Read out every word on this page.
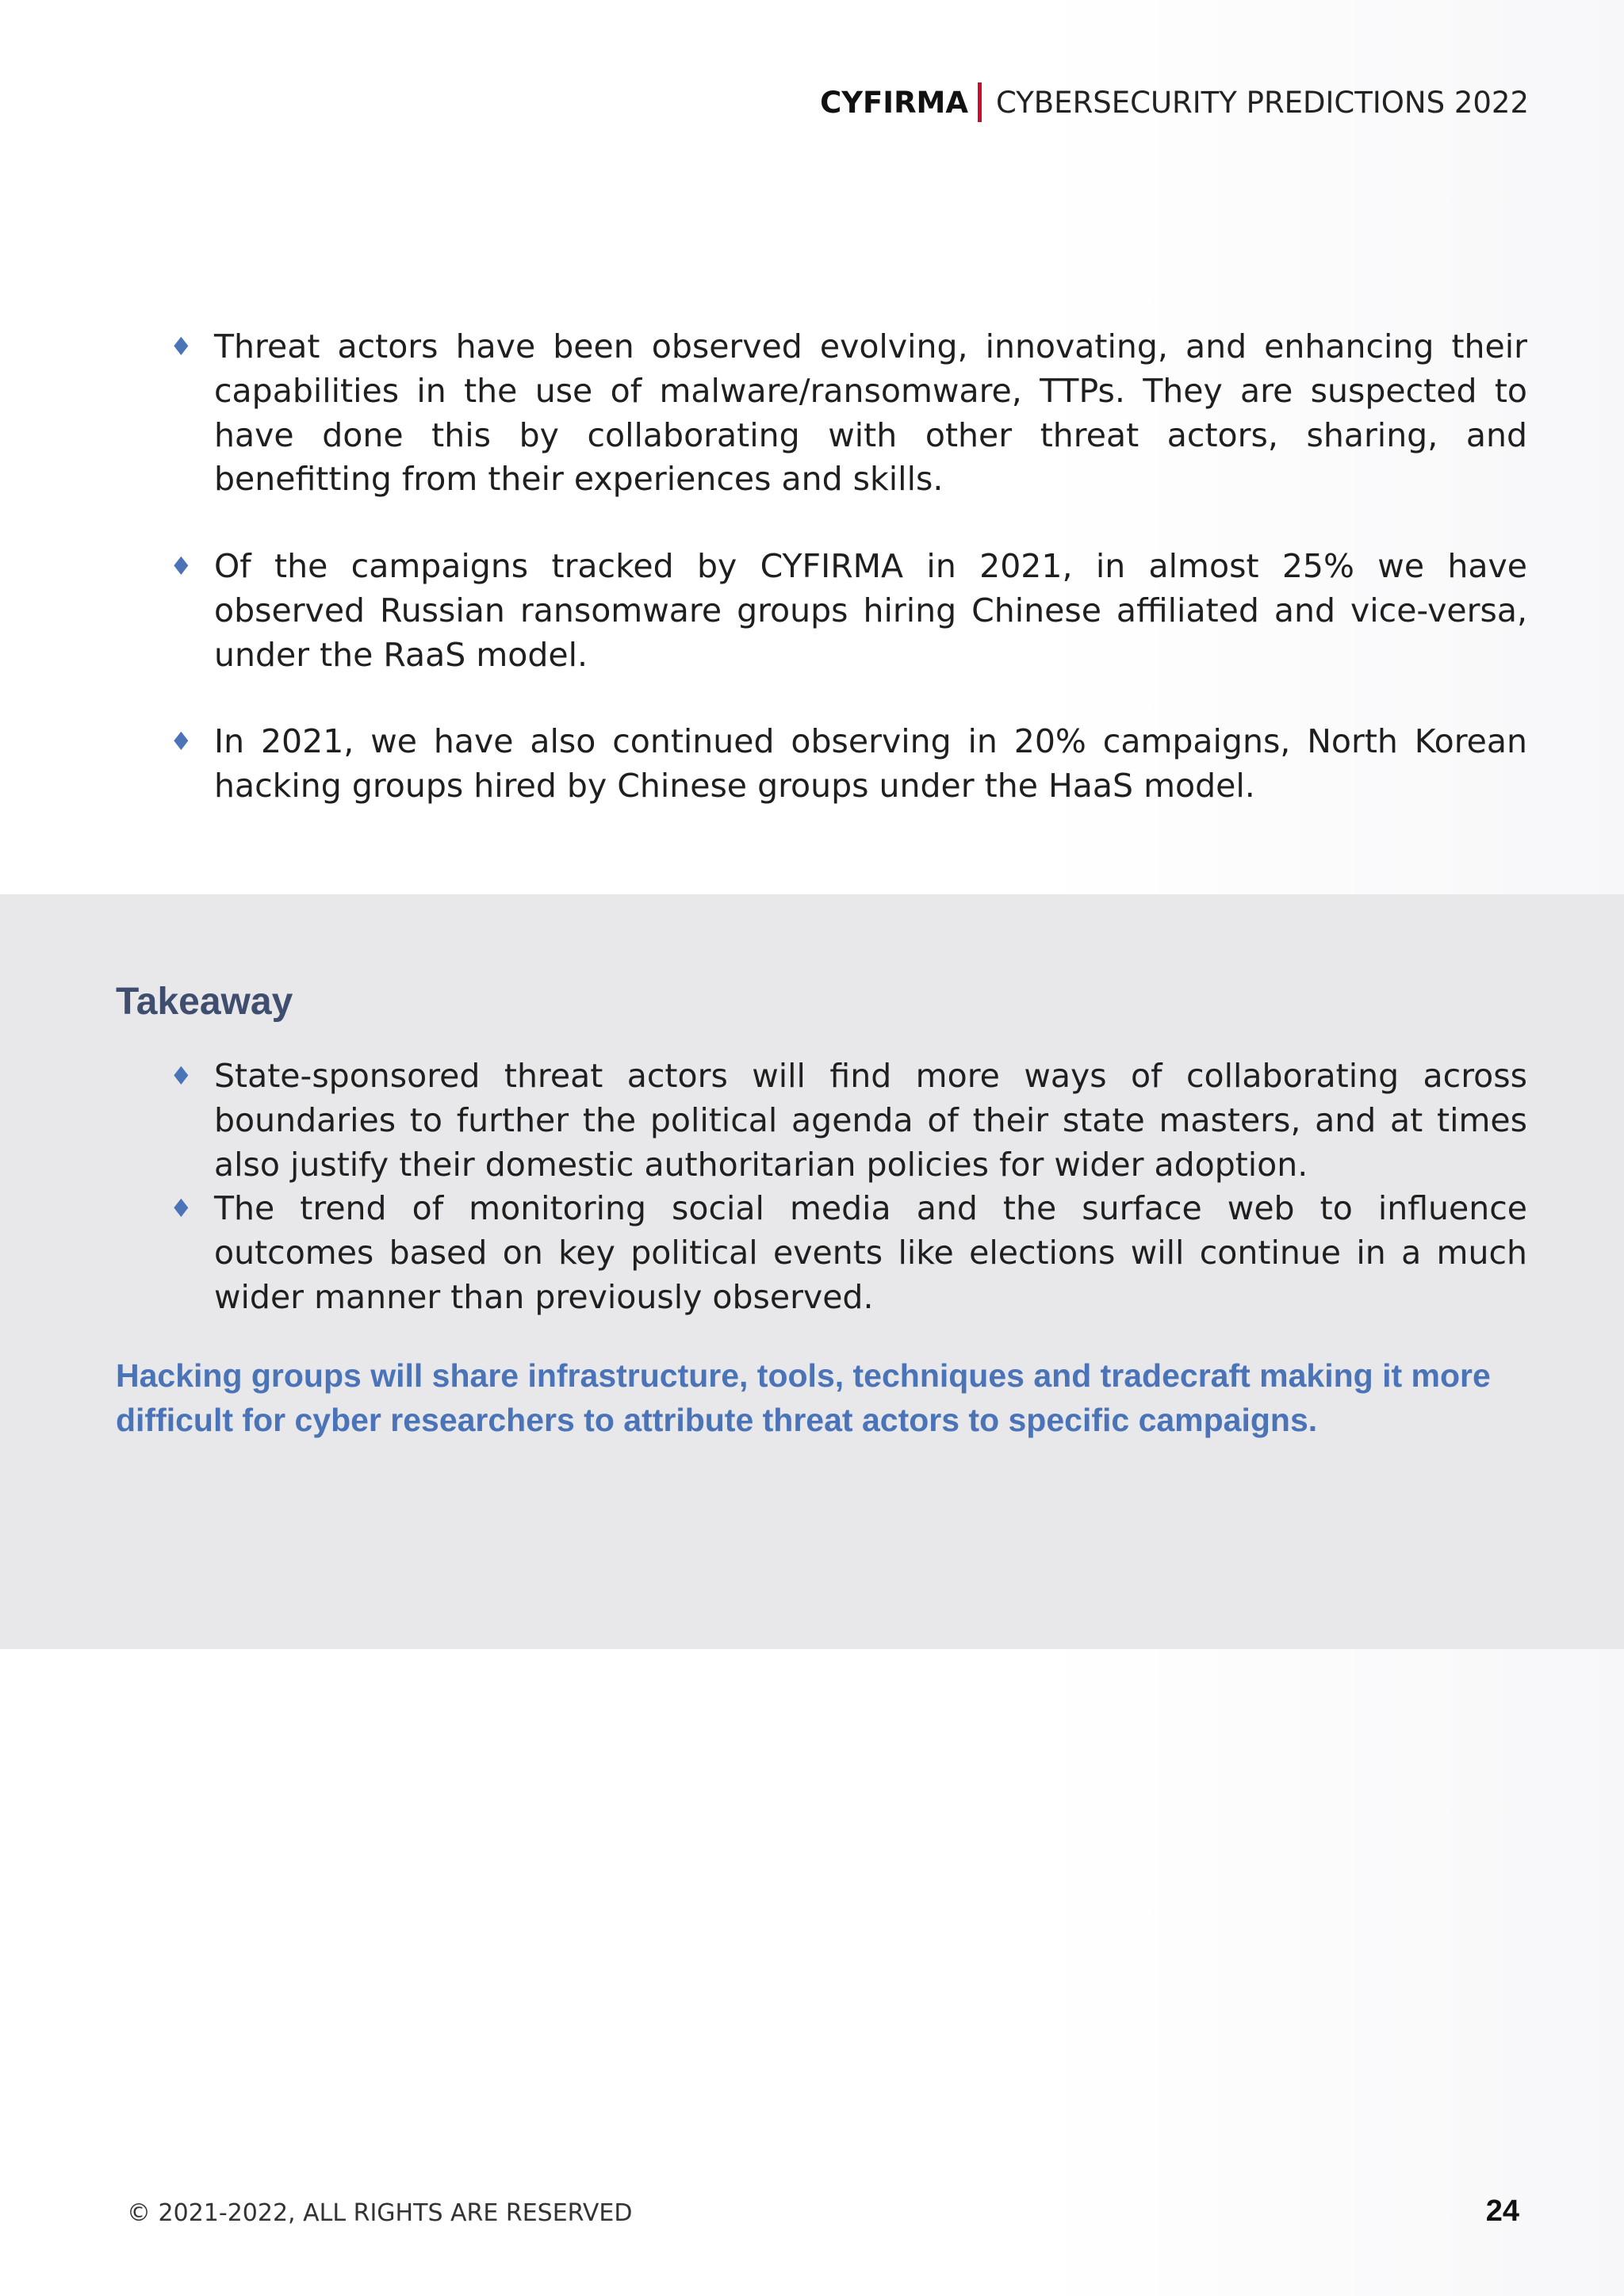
CYFIRMA CYBERSECURITY PREDICTIONS 2022
♦ Threat actors have been observed evolving, innovating, and enhancing their capabilities in the use of malware/ransomware, TTPs. They are suspected to have done this by collaborating with other threat actors, sharing, and benefitting from their experiences and skills.
♦ Of the campaigns tracked by CYFIRMA in 2021, in almost 25% we have observed Russian ransomware groups hiring Chinese affiliated and vice-versa, under the RaaS model.
♦ In 2021, we have also continued observing in 20% campaigns, North Korean hacking groups hired by Chinese groups under the HaaS model.
Takeaway
♦ State-sponsored threat actors will find more ways of collaborating across boundaries to further the political agenda of their state masters, and at times also justify their domestic authoritarian policies for wider adoption.
♦ The trend of monitoring social media and the surface web to influence outcomes based on key political events like elections will continue in a much wider manner than previously observed.
Hacking groups will share infrastructure, tools, techniques and tradecraft making it more difficult for cyber researchers to attribute threat actors to specific campaigns.
© 2021-2022, ALL RIGHTS ARE RESERVED	24
